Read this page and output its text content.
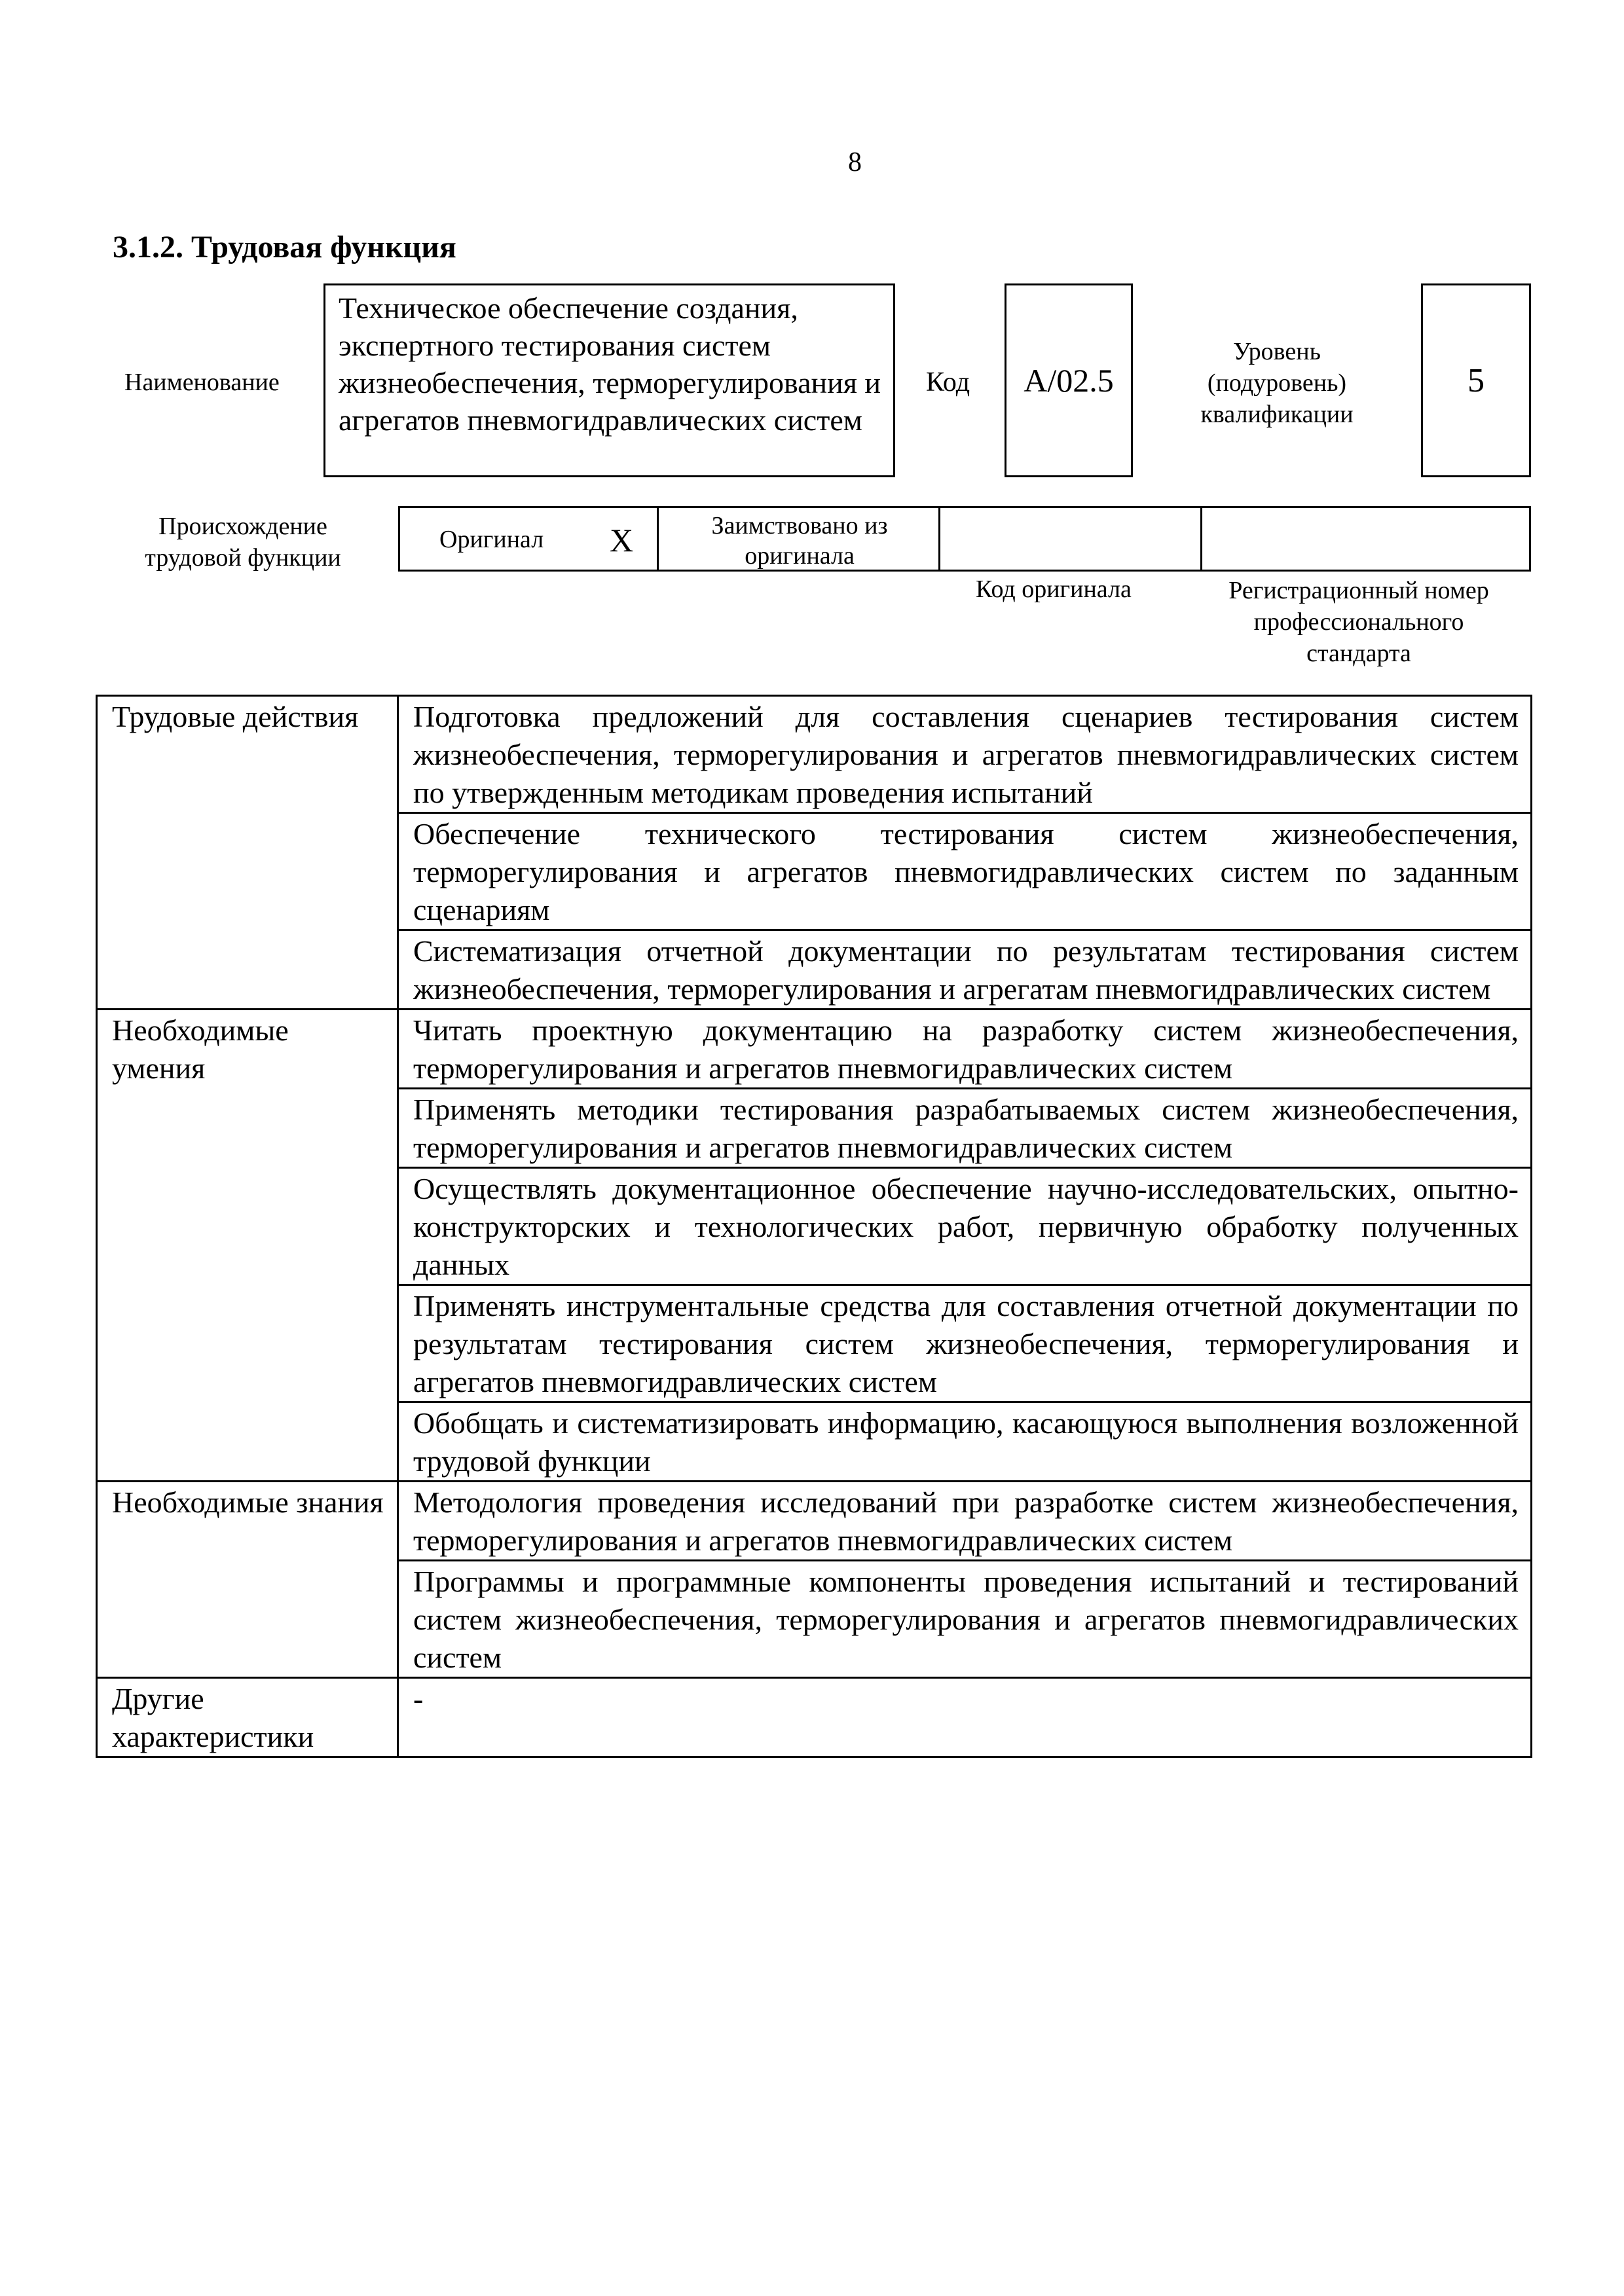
8
3.1.2. Трудовая функция
Наименование
Техническое обеспечение создания, экспертного тестирования систем жизнеобеспечения, терморегулирования и агрегатов пневмогидравлических систем
Код A/02.5
Уровень (подуровень) квалификации
5
Происхождение трудовой функции
Оригинал X	Заимствовано из оригинала
Код оригинала	Регистрационный номер профессионального стандарта
Трудовые действия	Подготовка предложений для составления сценариев тестирования систем жизнеобеспечения, терморегулирования и агрегатов пневмогидравлических систем по утвержденным методикам проведения испытаний
	Обеспечение технического тестирования систем жизнеобеспечения, терморегулирования и агрегатов пневмогидравлических систем по заданным сценариям
	Систематизация отчетной документации по результатам тестирования систем жизнеобеспечения, терморегулирования и агрегатам пневмогидравлических систем
Необходимые умения	Читать проектную документацию на разработку систем жизнеобеспечения, терморегулирования и агрегатов пневмогидравлических систем
	Применять методики тестирования разрабатываемых систем жизнеобеспечения, терморегулирования и агрегатов пневмогидравлических систем
	Осуществлять документационное обеспечение научно-исследовательских, опытно-конструкторских и технологических работ, первичную обработку полученных данных
	Применять инструментальные средства для составления отчетной документации по результатам тестирования систем жизнеобеспечения, терморегулирования и агрегатов пневмогидравлических систем
	Обобщать и систематизировать информацию, касающуюся выполнения возложенной трудовой функции
Необходимые знания	Методология проведения исследований при разработке систем жизнеобеспечения, терморегулирования и агрегатов пневмогидравлических систем
	Программы и программные компоненты проведения испытаний и тестирований систем жизнеобеспечения, терморегулирования и агрегатов пневмогидравлических систем
Другие характеристики	-
